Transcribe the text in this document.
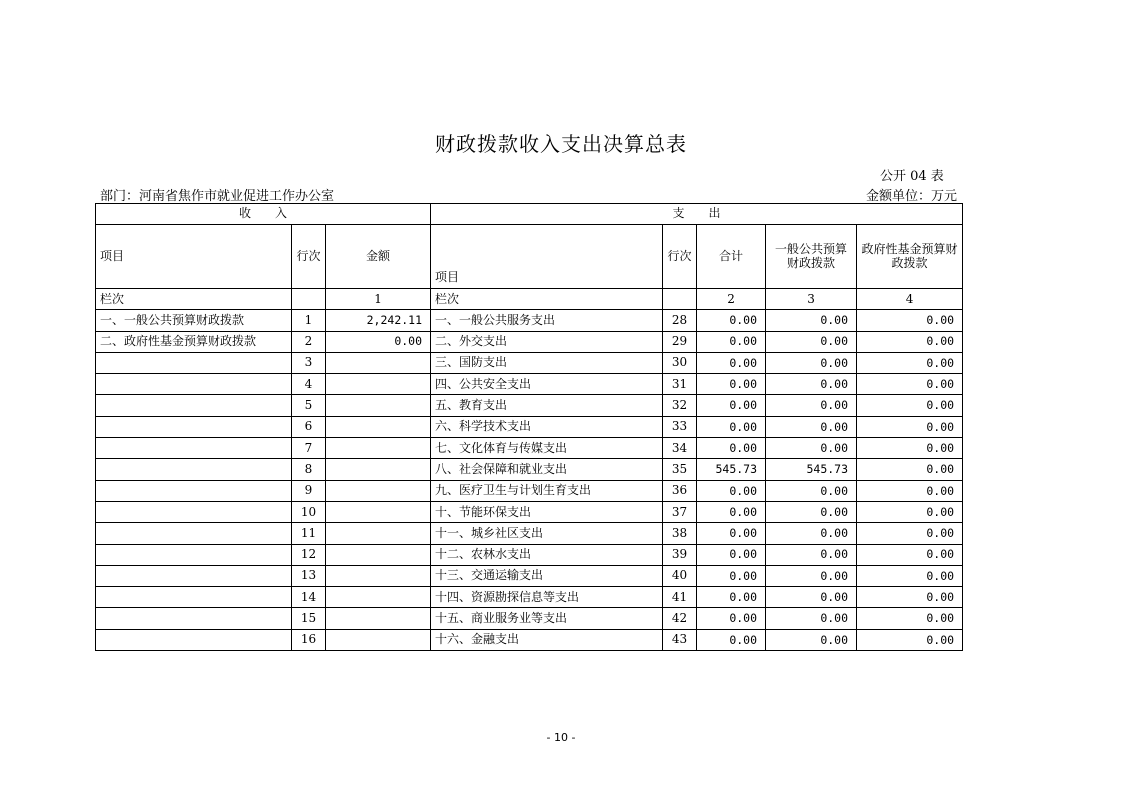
财政拨款收入支出决算总表
公开 04 表
部门：河南省焦作市就业促进工作办公室	金额单位：万元
收　　入			支　　出				
项目	行次	金额	项目	行次	合计	一般公共预算财政拨款	政府性基金预算财政拨款
栏次		1	栏次		2	3	4
一、一般公共预算财政拨款	1	2,242.11	一、一般公共服务支出	28	0.00	0.00	0.00
二、政府性基金预算财政拨款	2	0.00	二、外交支出	29	0.00	0.00	0.00
	3		三、国防支出	30	0.00	0.00	0.00
	4		四、公共安全支出	31	0.00	0.00	0.00
	5		五、教育支出	32	0.00	0.00	0.00
	6		六、科学技术支出	33	0.00	0.00	0.00
	7		七、文化体育与传媒支出	34	0.00	0.00	0.00
	8		八、社会保障和就业支出	35	545.73	545.73	0.00
	9		九、医疗卫生与计划生育支出	36	0.00	0.00	0.00
	10		十、节能环保支出	37	0.00	0.00	0.00
	11		十一、城乡社区支出	38	0.00	0.00	0.00
	12		十二、农林水支出	39	0.00	0.00	0.00
	13		十三、交通运输支出	40	0.00	0.00	0.00
	14		十四、资源勘探信息等支出	41	0.00	0.00	0.00
	15		十五、商业服务业等支出	42	0.00	0.00	0.00
	16		十六、金融支出	43	0.00	0.00	0.00
- 10 -
